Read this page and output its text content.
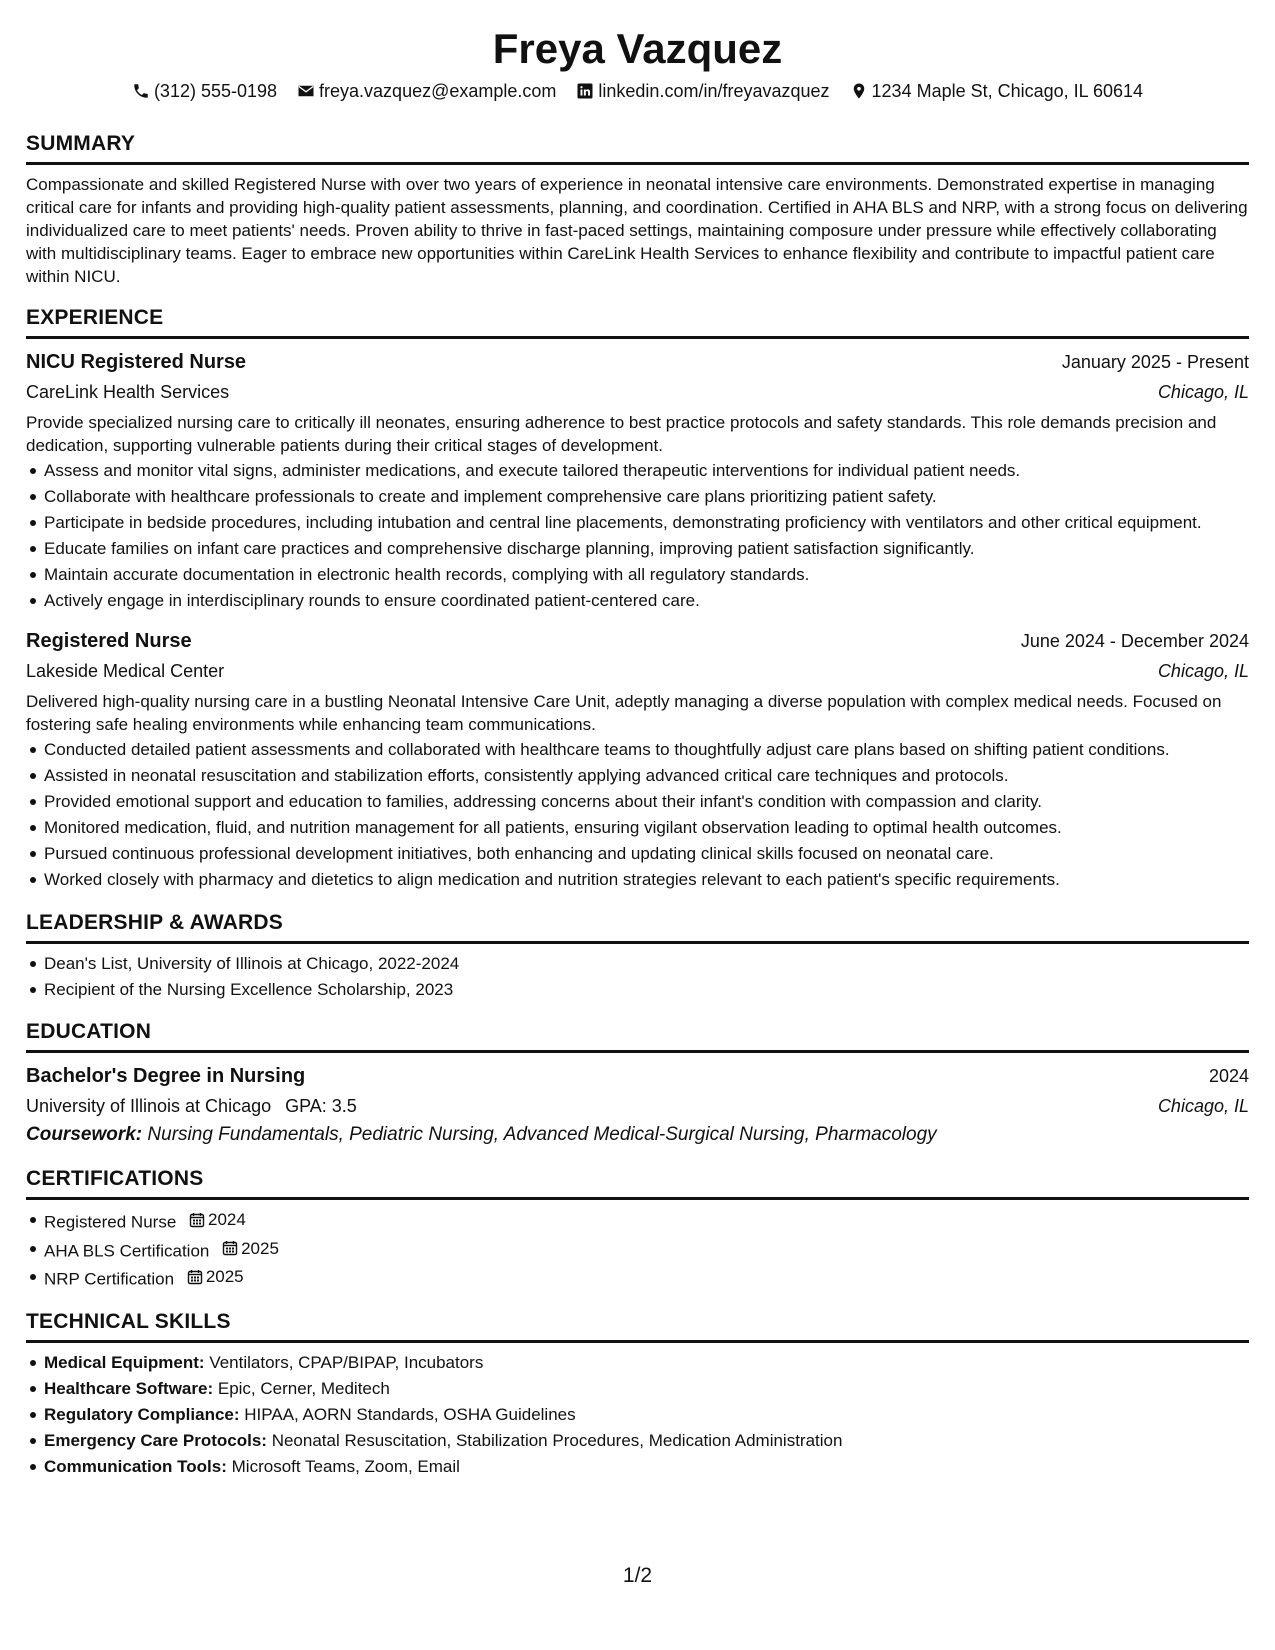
Freya Vazquez
(312) 555-0198 freya.vazquez@example.com linkedin.com/in/freyavazquez 1234 Maple St, Chicago, IL 60614
SUMMARY
Compassionate and skilled Registered Nurse with over two years of experience in neonatal intensive care environments. Demonstrated expertise in managing critical care for infants and providing high-quality patient assessments, planning, and coordination. Certified in AHA BLS and NRP, with a strong focus on delivering individualized care to meet patients' needs. Proven ability to thrive in fast-paced settings, maintaining composure under pressure while effectively collaborating with multidisciplinary teams. Eager to embrace new opportunities within CareLink Health Services to enhance flexibility and contribute to impactful patient care within NICU.
EXPERIENCE
NICU Registered Nurse	January 2025 - Present
CareLink Health Services	Chicago, IL
Provide specialized nursing care to critically ill neonates, ensuring adherence to best practice protocols and safety standards. This role demands precision and dedication, supporting vulnerable patients during their critical stages of development.
Assess and monitor vital signs, administer medications, and execute tailored therapeutic interventions for individual patient needs.
Collaborate with healthcare professionals to create and implement comprehensive care plans prioritizing patient safety.
Participate in bedside procedures, including intubation and central line placements, demonstrating proficiency with ventilators and other critical equipment.
Educate families on infant care practices and comprehensive discharge planning, improving patient satisfaction significantly.
Maintain accurate documentation in electronic health records, complying with all regulatory standards.
Actively engage in interdisciplinary rounds to ensure coordinated patient-centered care.
Registered Nurse	June 2024 - December 2024
Lakeside Medical Center	Chicago, IL
Delivered high-quality nursing care in a bustling Neonatal Intensive Care Unit, adeptly managing a diverse population with complex medical needs. Focused on fostering safe healing environments while enhancing team communications.
Conducted detailed patient assessments and collaborated with healthcare teams to thoughtfully adjust care plans based on shifting patient conditions.
Assisted in neonatal resuscitation and stabilization efforts, consistently applying advanced critical care techniques and protocols.
Provided emotional support and education to families, addressing concerns about their infant's condition with compassion and clarity.
Monitored medication, fluid, and nutrition management for all patients, ensuring vigilant observation leading to optimal health outcomes.
Pursued continuous professional development initiatives, both enhancing and updating clinical skills focused on neonatal care.
Worked closely with pharmacy and dietetics to align medication and nutrition strategies relevant to each patient's specific requirements.
LEADERSHIP & AWARDS
Dean's List, University of Illinois at Chicago, 2022-2024
Recipient of the Nursing Excellence Scholarship, 2023
EDUCATION
Bachelor's Degree in Nursing	2024
University of Illinois at Chicago GPA: 3.5	Chicago, IL
Coursework: Nursing Fundamentals, Pediatric Nursing, Advanced Medical-Surgical Nursing, Pharmacology
CERTIFICATIONS
Registered Nurse 2024
AHA BLS Certification 2025
NRP Certification 2025
TECHNICAL SKILLS
Medical Equipment: Ventilators, CPAP/BIPAP, Incubators
Healthcare Software: Epic, Cerner, Meditech
Regulatory Compliance: HIPAA, AORN Standards, OSHA Guidelines
Emergency Care Protocols: Neonatal Resuscitation, Stabilization Procedures, Medication Administration
Communication Tools: Microsoft Teams, Zoom, Email
1/2
